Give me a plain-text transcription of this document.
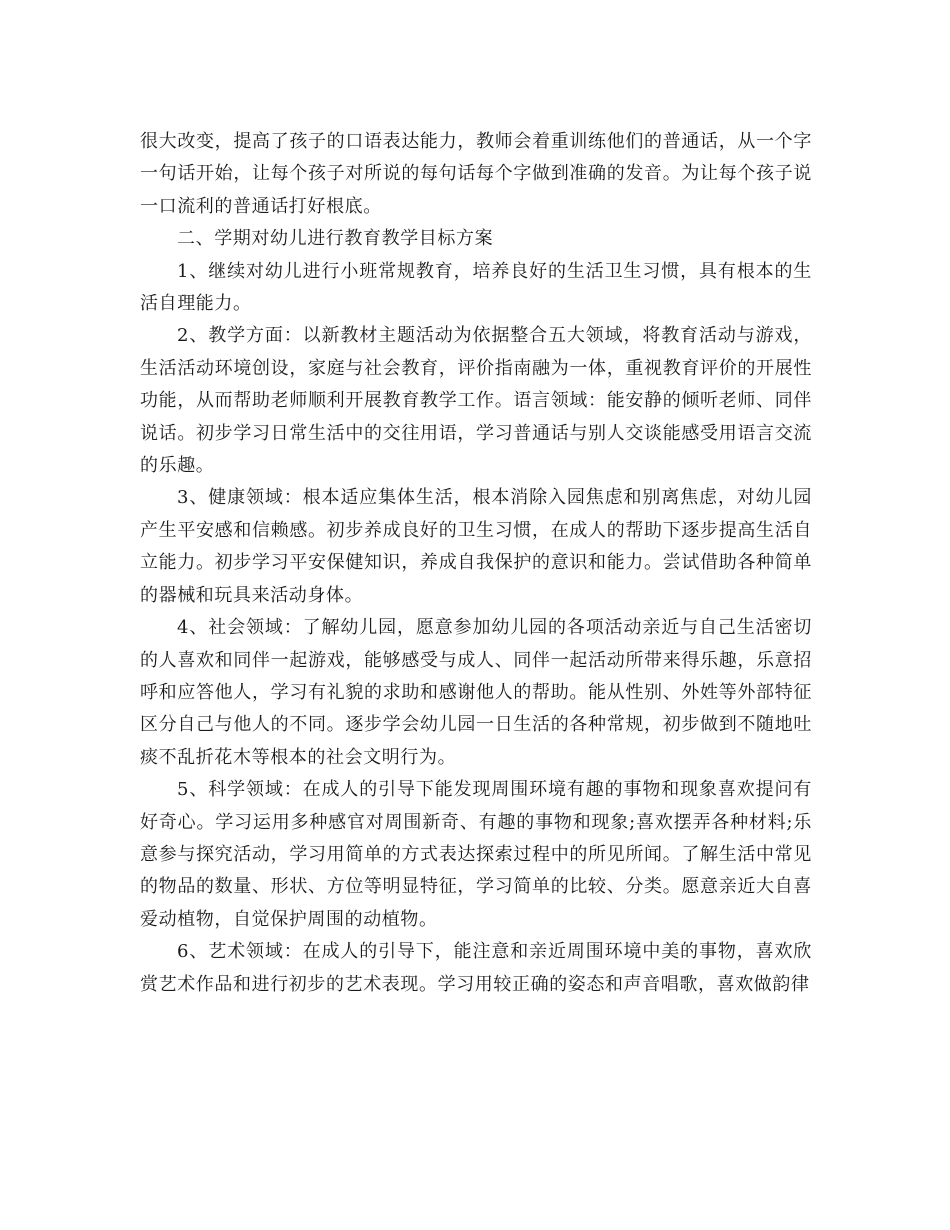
很大改变，提高了孩子的口语表达能力，教师会着重训练他们的普通话，从一个字一句话开始，让每个孩子对所说的每句话每个字做到准确的发音。为让每个孩子说一口流利的普通话打好根底。

二、学期对幼儿进行教育教学目标方案

1、继续对幼儿进行小班常规教育，培养良好的生活卫生习惯，具有根本的生活自理能力。

2、教学方面：以新教材主题活动为依据整合五大领域，将教育活动与游戏，生活活动环境创设，家庭与社会教育，评价指南融为一体，重视教育评价的开展性功能，从而帮助老师顺利开展教育教学工作。语言领域：能安静的倾听老师、同伴说话。初步学习日常生活中的交往用语，学习普通话与别人交谈能感受用语言交流的乐趣。

3、健康领域：根本适应集体生活，根本消除入园焦虑和别离焦虑，对幼儿园产生平安感和信赖感。初步养成良好的卫生习惯，在成人的帮助下逐步提高生活自立能力。初步学习平安保健知识，养成自我保护的意识和能力。尝试借助各种简单的器械和玩具来活动身体。

4、社会领域：了解幼儿园，愿意参加幼儿园的各项活动亲近与自己生活密切的人喜欢和同伴一起游戏，能够感受与成人、同伴一起活动所带来得乐趣，乐意招呼和应答他人，学习有礼貌的求助和感谢他人的帮助。能从性别、外姓等外部特征区分自己与他人的不同。逐步学会幼儿园一日生活的各种常规，初步做到不随地吐痰不乱折花木等根本的社会文明行为。

5、科学领域：在成人的引导下能发现周围环境有趣的事物和现象喜欢提问有好奇心。学习运用多种感官对周围新奇、有趣的事物和现象;喜欢摆弄各种材料;乐意参与探究活动，学习用简单的方式表达探索过程中的所见所闻。了解生活中常见的物品的数量、形状、方位等明显特征，学习简单的比较、分类。愿意亲近大自喜爱动植物，自觉保护周围的动植物。

6、艺术领域：在成人的引导下，能注意和亲近周围环境中美的事物，喜欢欣赏艺术作品和进行初步的艺术表现。学习用较正确的姿态和声音唱歌，喜欢做韵律
